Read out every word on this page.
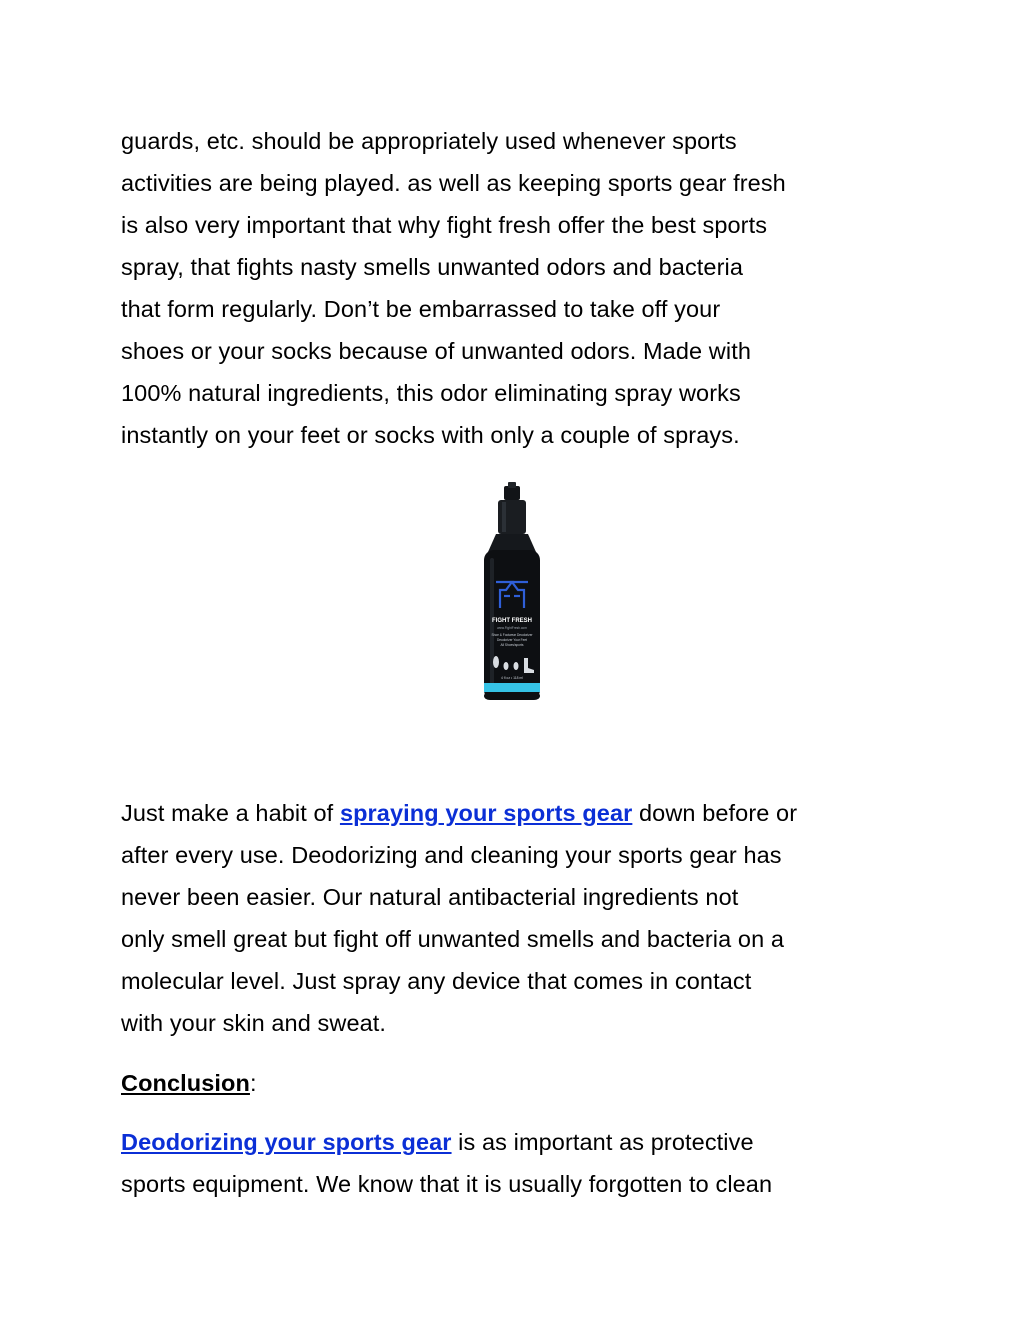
guards, etc. should be appropriately used whenever sports
activities are being played. as well as keeping sports gear fresh
is also very important that why fight fresh offer the best sports
spray, that fights nasty smells unwanted odors and bacteria
that form regularly. Don’t be embarrassed to take off your
shoes or your socks because of unwanted odors. Made with
100% natural ingredients, this odor eliminating spray works
instantly on your feet or socks with only a couple of sprays.
FIGHT FRESH
www.FightFresh.com
Shoe & Footwear Deodorizer
Deodorizer Your Feet
All Shoes/sports
4 fl oz • 118 ml
Just make a habit of spraying your sports gear down before or
after every use. Deodorizing and cleaning your sports gear has
never been easier. Our natural antibacterial ingredients not
only smell great but fight off unwanted smells and bacteria on a
molecular level. Just spray any device that comes in contact
with your skin and sweat.
Conclusion:
Deodorizing your sports gear is as important as protective
sports equipment. We know that it is usually forgotten to clean
